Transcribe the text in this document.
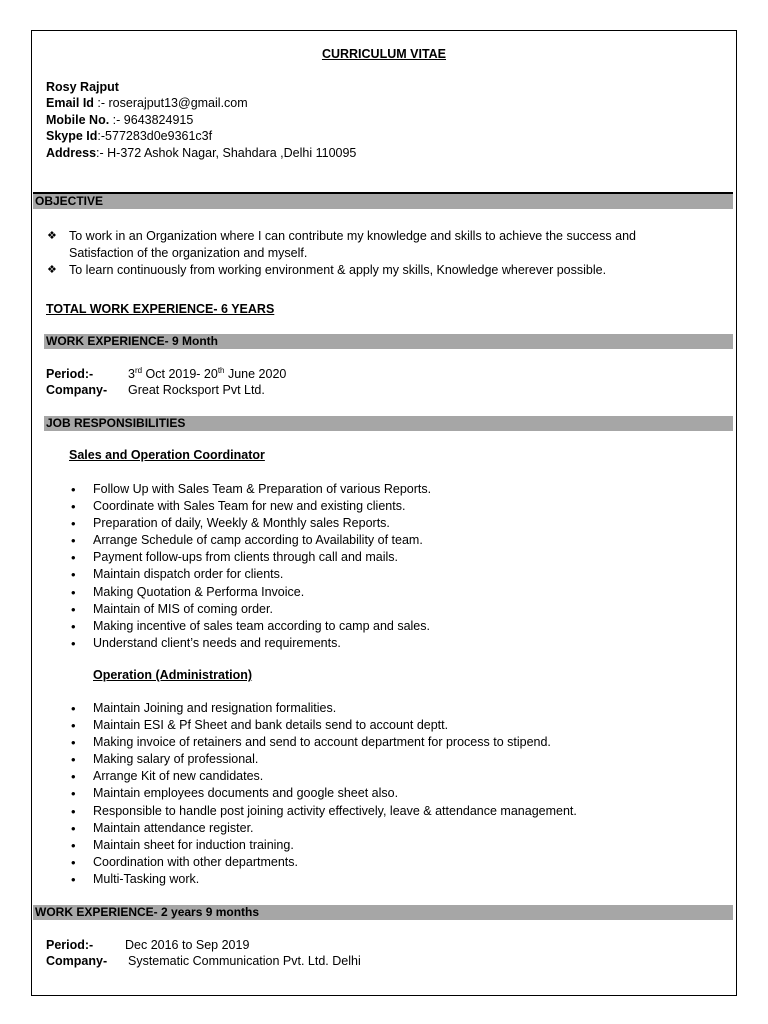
CURRICULUM VITAE
Rosy Rajput
Email Id :- roserajput13@gmail.com
Mobile No. :- 9643824915
Skype Id:-577283d0e9361c3f
Address:- H-372 Ashok Nagar, Shahdara ,Delhi 110095
OBJECTIVE
❖ To work in an Organization where I can contribute my knowledge and skills to achieve the success and
Satisfaction of the organization and myself.
❖ To learn continuously from working environment & apply my skills, Knowledge wherever possible.
TOTAL WORK EXPERIENCE- 6 YEARS
WORK EXPERIENCE- 9 Month
Period:-	3rd Oct 2019- 20th June 2020
Company- Great Rocksport Pvt Ltd.
JOB RESPONSIBILITIES
Sales and Operation Coordinator
• Follow Up with Sales Team & Preparation of various Reports.
• Coordinate with Sales Team for new and existing clients.
• Preparation of daily, Weekly & Monthly sales Reports.
• Arrange Schedule of camp according to Availability of team.
• Payment follow-ups from clients through call and mails.
• Maintain dispatch order for clients.
• Making Quotation & Performa Invoice.
• Maintain of MIS of coming order.
• Making incentive of sales team according to camp and sales.
• Understand client’s needs and requirements.
Operation (Administration)
• Maintain Joining and resignation formalities.
• Maintain ESI & Pf Sheet and bank details send to account deptt.
• Making invoice of retainers and send to account department for process to stipend.
• Making salary of professional.
• Arrange Kit of new candidates.
• Maintain employees documents and google sheet also.
• Responsible to handle post joining activity effectively, leave & attendance management.
• Maintain attendance register.
• Maintain sheet for induction training.
• Coordination with other departments.
• Multi-Tasking work.
WORK EXPERIENCE- 2 years 9 months
Period:-	Dec 2016 to Sep 2019
Company- Systematic Communication Pvt. Ltd. Delhi
